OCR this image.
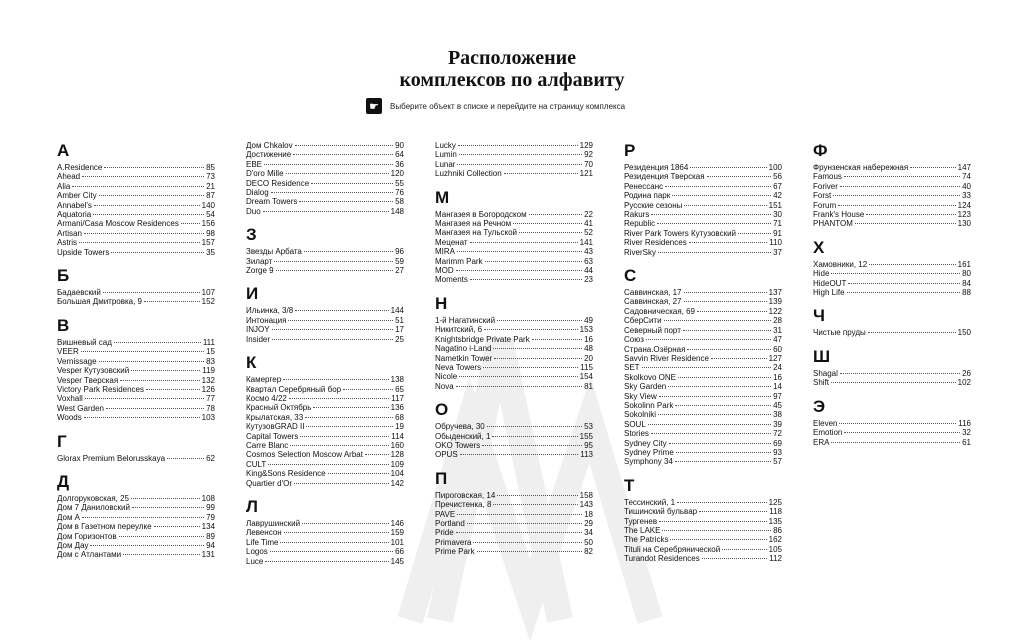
Расположение
комплексов по алфавиту
☛	Выберите объект в списке и перейдите на страницу комплекса
A
A.Residence	85
Ahead	73
Alia	21
Amber City	87
Annabel's	140
Aquatoria	54
Armani/Casa Moscow Residences	156
Artisan	98
Astris	157
Upside Towers	35
Б
Бадаевский	107
Большая Дмитровка, 9	152
В
Вишневый сад	111
VEER	15
Vernissage	83
Vesper Кутузовский	119
Vesper Тверская	132
Victory Park Residences	126
Voxhall	77
West Garden	78
Woods	103
Г
Glorax Premium Belorusskaya	62
Д
Долгоруковская, 25	108
Дом 7 Даниловский	99
Дом А	79
Дом в Газетном переулке	134
Дом Горизонтов	89
Дом Дау	94
Дом с Атлантами	131
Дом Chkalov	90
Достижение	64
ЕВЕ	36
D'oro Mille	120
DECO Residence	55
Dialog	76
Dream Towers	58
Duo	148
З
Звезды Арбата	96
Зиларт	59
Zorge 9	27
И
Ильинка, 3/8	144
Интонация	51
INJOY	17
Insider	25
К
Камергер	138
Квартал Серебряный бор	65
Космо 4/22	117
Красный Октябрь	136
Крылатская, 33	68
КутузовGRAD II	19
Capital Towers	114
Carre Blanc	160
Cosmos Selection Moscow Arbat	128
CULT	109
King&Sons Residence	104
Quartier d'Or	142
Л
Лаврушинский	146
Левенсон	159
Life Time	101
Logos	66
Luce	145
Lucky	129
Lumin	92
Lunar	70
Luzhniki Collection	121
М
Мангазея в Богородском	22
Мангазея на Речном	41
Мангазея на Тульской	52
Меценат	141
MIRA	43
Marimm Park	63
MOD	44
Moments	23
Н
1-й Нагатинский	49
Никитский, 6	153
Knightsbridge Private Park	16
Nagatino i-Land	48
Nametkin Tower	20
Neva Towers	115
Nicole	154
Nova	81
О
Обручева, 30	53
Обыденский, 1	155
OKO Towers	95
OPUS	113
П
Пироговская, 14	158
Пречистенка, 8	143
PAVE	18
Portland	29
Pride	34
Primavera	50
Prime Park	82
Р
Резиденция 1864	100
Резиденция Тверская	56
Ренессанс	67
Родина парк	42
Русские сезоны	151
Rakurs	30
Republic	71
River Park Towers Кутузовский	91
River Residences	110
RiverSky	37
С
Саввинская, 17	137
Саввинская, 27	139
Садовническая, 69	122
СберСити	28
Северный порт	31
Союз	47
Страна.Озёрная	60
Savvin River Residence	127
SET	24
Skolkovo ONE	16
Sky Garden	14
Sky View	97
Sokolinn Park	45
Sokolniki	38
SOUL	39
Stories	72
Sydney City	69
Sydney Prime	93
Symphony 34	57
Т
Тессинский, 1	125
Тишинский бульвар	118
Тургенев	135
The LAKE	86
The Patricks	162
Tituli на Серебрянической	105
Turandot Residences	112
Ф
Фрунзенская набережная	147
Famous	74
Foriver	40
Forst	33
Forum	124
Frank's House	123
PHANTOM	130
Х
Хамовники, 12	161
Hide	80
HideOUT	84
High Life	88
Ч
Чистые пруды	150
Ш
Shagal	26
Shift	102
Э
Eleven	116
Emotion	32
ERA	61
